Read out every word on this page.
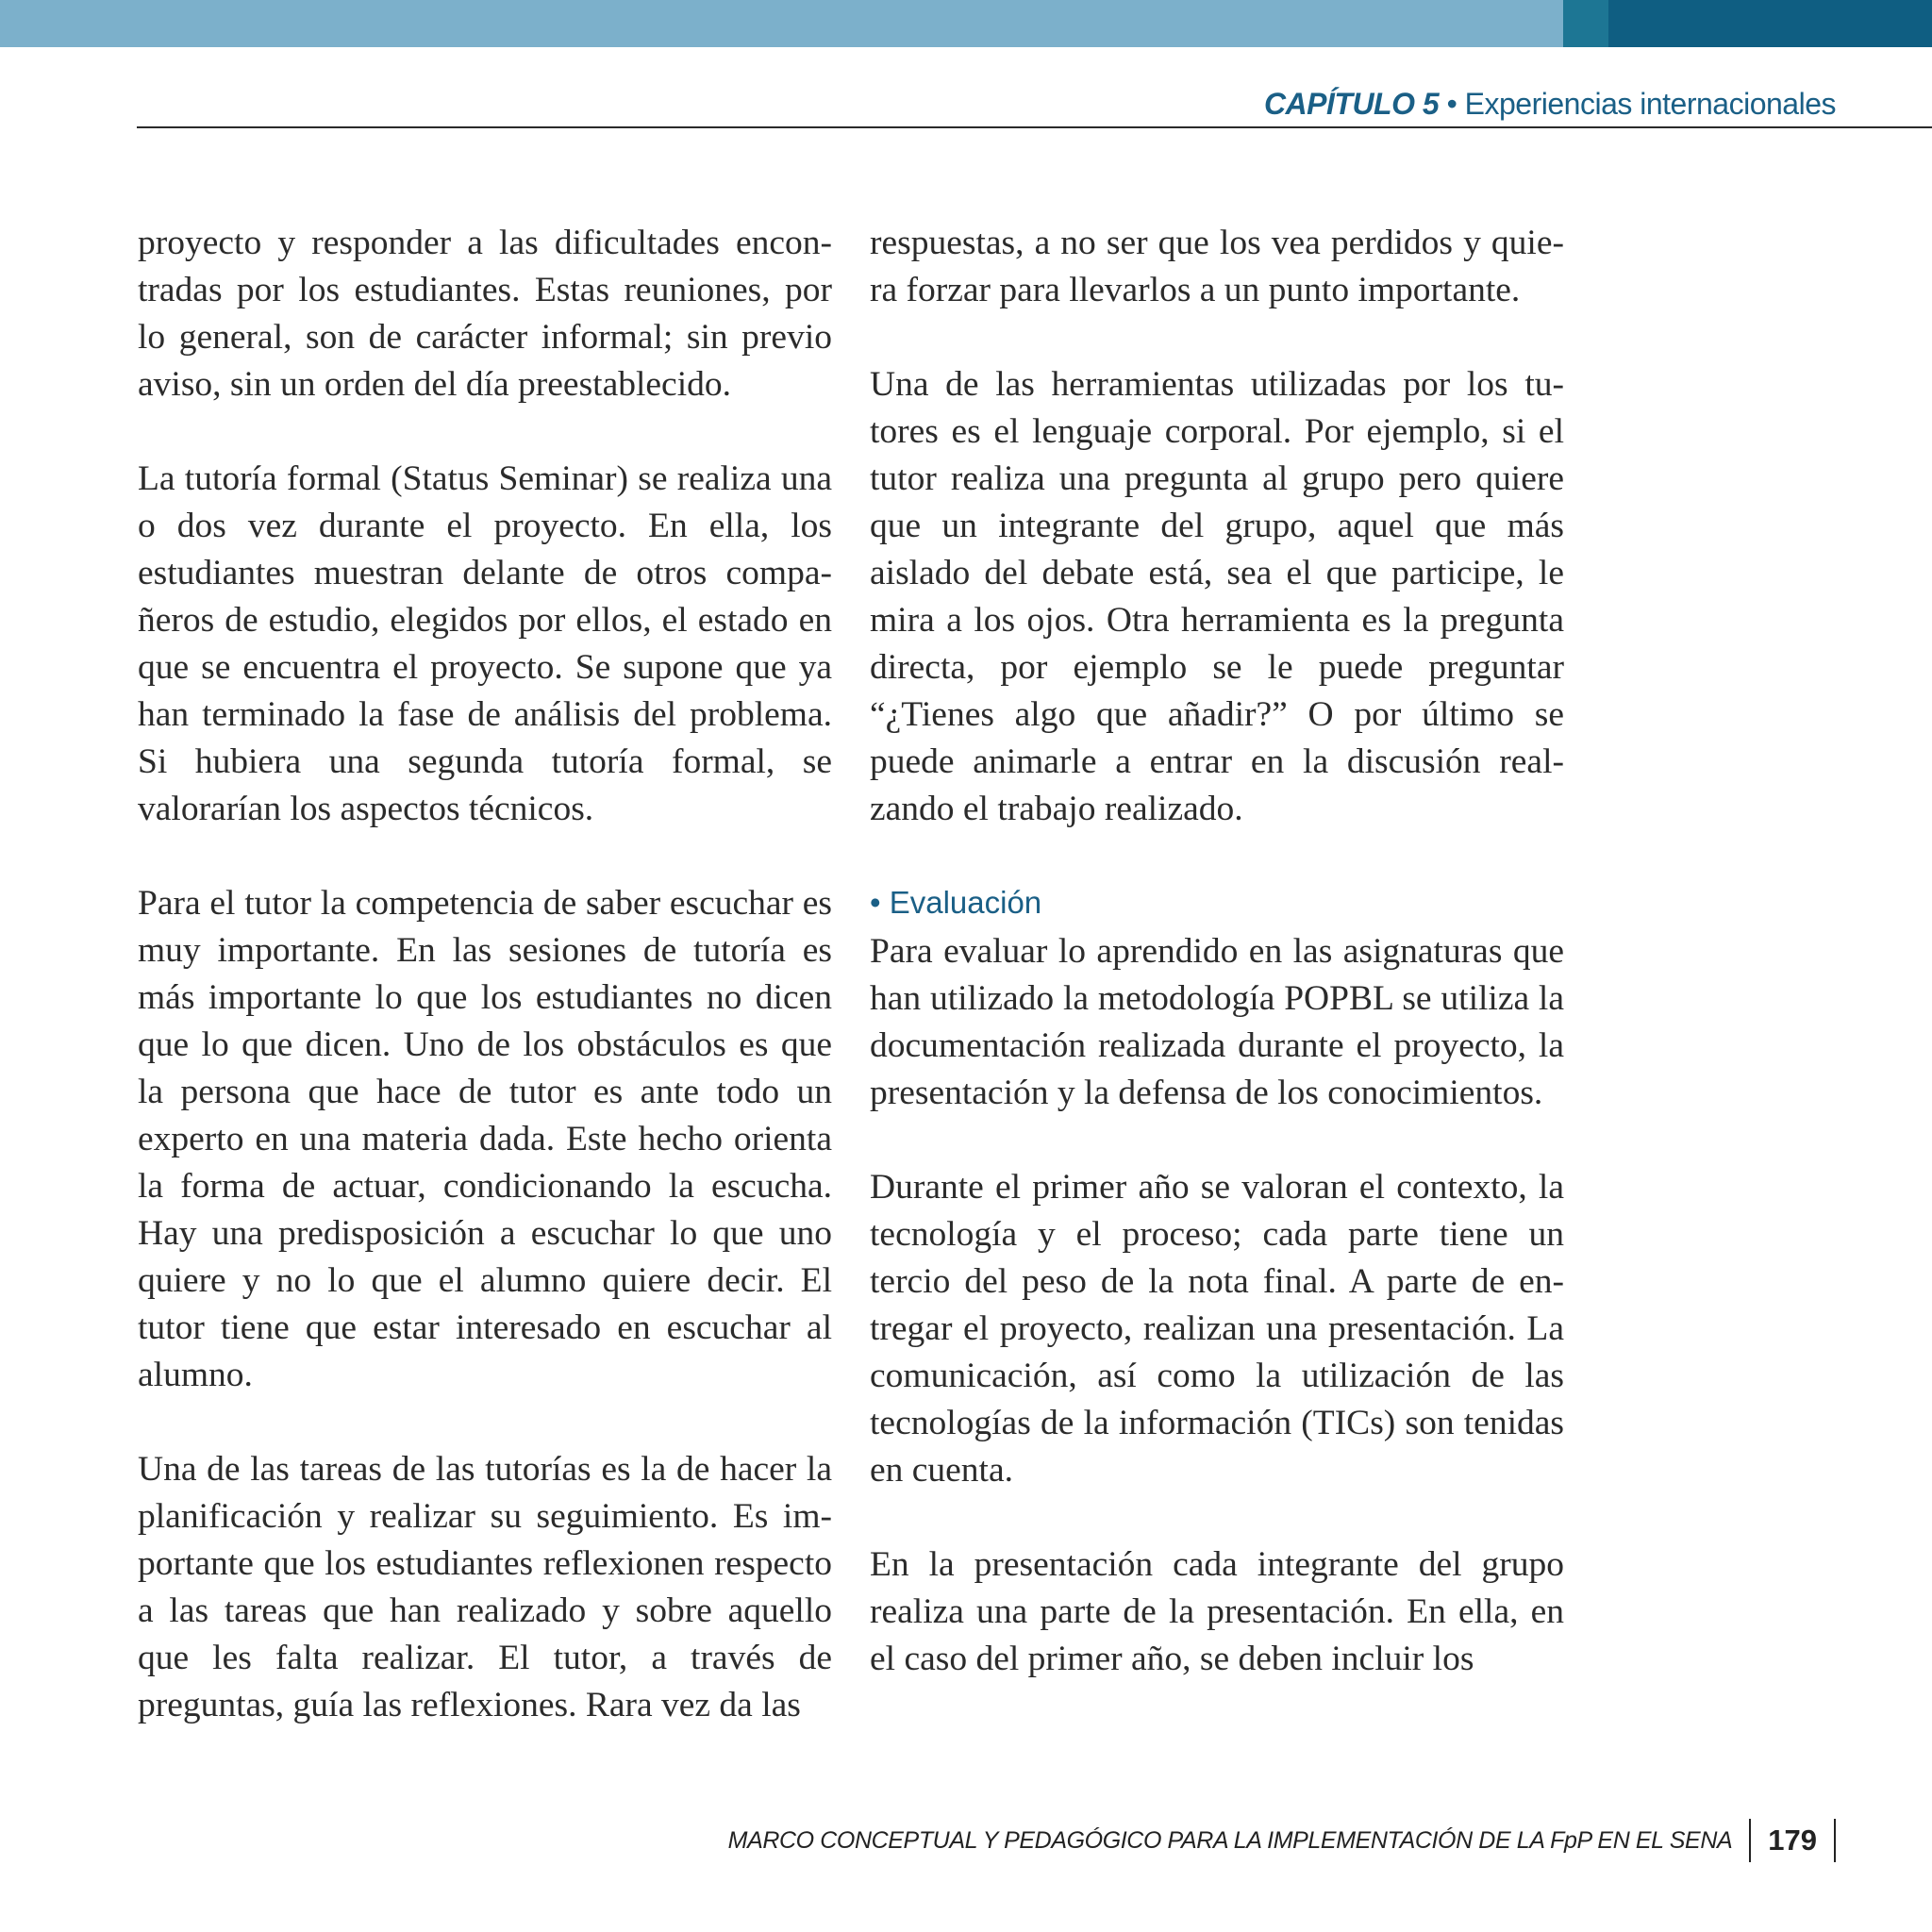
CAPÍTULO 5 • Experiencias internacionales

proyecto y responder a las dificultades encontradas por los estudiantes. Estas reuniones, por lo general, son de carácter informal; sin previo aviso, sin un orden del día preestablecido.

La tutoría formal (Status Seminar) se realiza una o dos vez durante el proyecto. En ella, los estudiantes muestran delante de otros compañeros de estudio, elegidos por ellos, el estado en que se encuentra el proyecto. Se supone que ya han terminado la fase de análisis del problema. Si hubiera una segunda tutoría formal, se valorarían los aspectos técnicos.

Para el tutor la competencia de saber escuchar es muy importante. En las sesiones de tutoría es más importante lo que los estudiantes no dicen que lo que dicen. Uno de los obstáculos es que la persona que hace de tutor es ante todo un experto en una materia dada. Este hecho orienta la forma de actuar, condicionando la escucha. Hay una predisposición a escuchar lo que uno quiere y no lo que el alumno quiere decir. El tutor tiene que estar interesado en escuchar al alumno.

Una de las tareas de las tutorías es la de hacer la planificación y realizar su seguimiento. Es importante que los estudiantes reflexionen respecto a las tareas que han realizado y sobre aquello que les falta realizar. El tutor, a través de preguntas, guía las reflexiones. Rara vez da las

respuestas, a no ser que los vea perdidos y quiera forzar para llevarlos a un punto importante.

Una de las herramientas utilizadas por los tutores es el lenguaje corporal. Por ejemplo, si el tutor realiza una pregunta al grupo pero quiere que un integrante del grupo, aquel que más aislado del debate está, sea el que participe, le mira a los ojos. Otra herramienta es la pregunta directa, por ejemplo se le puede preguntar “¿Tienes algo que añadir?” O por último se puede animarle a entrar en la discusión realzando el trabajo realizado.

• Evaluación

Para evaluar lo aprendido en las asignaturas que han utilizado la metodología POPBL se utiliza la documentación realizada durante el proyecto, la presentación y la defensa de los conocimientos.

Durante el primer año se valoran el contexto, la tecnología y el proceso; cada parte tiene un tercio del peso de la nota final. A parte de entregar el proyecto, realizan una presentación. La comunicación, así como la utilización de las tecnologías de la información (TICs) son tenidas en cuenta.

En la presentación cada integrante del grupo realiza una parte de la presentación. En ella, en el caso del primer año, se deben incluir los

MARCO CONCEPTUAL Y PEDAGÓGICO PARA LA IMPLEMENTACIÓN DE LA FpP EN EL SENA 179
